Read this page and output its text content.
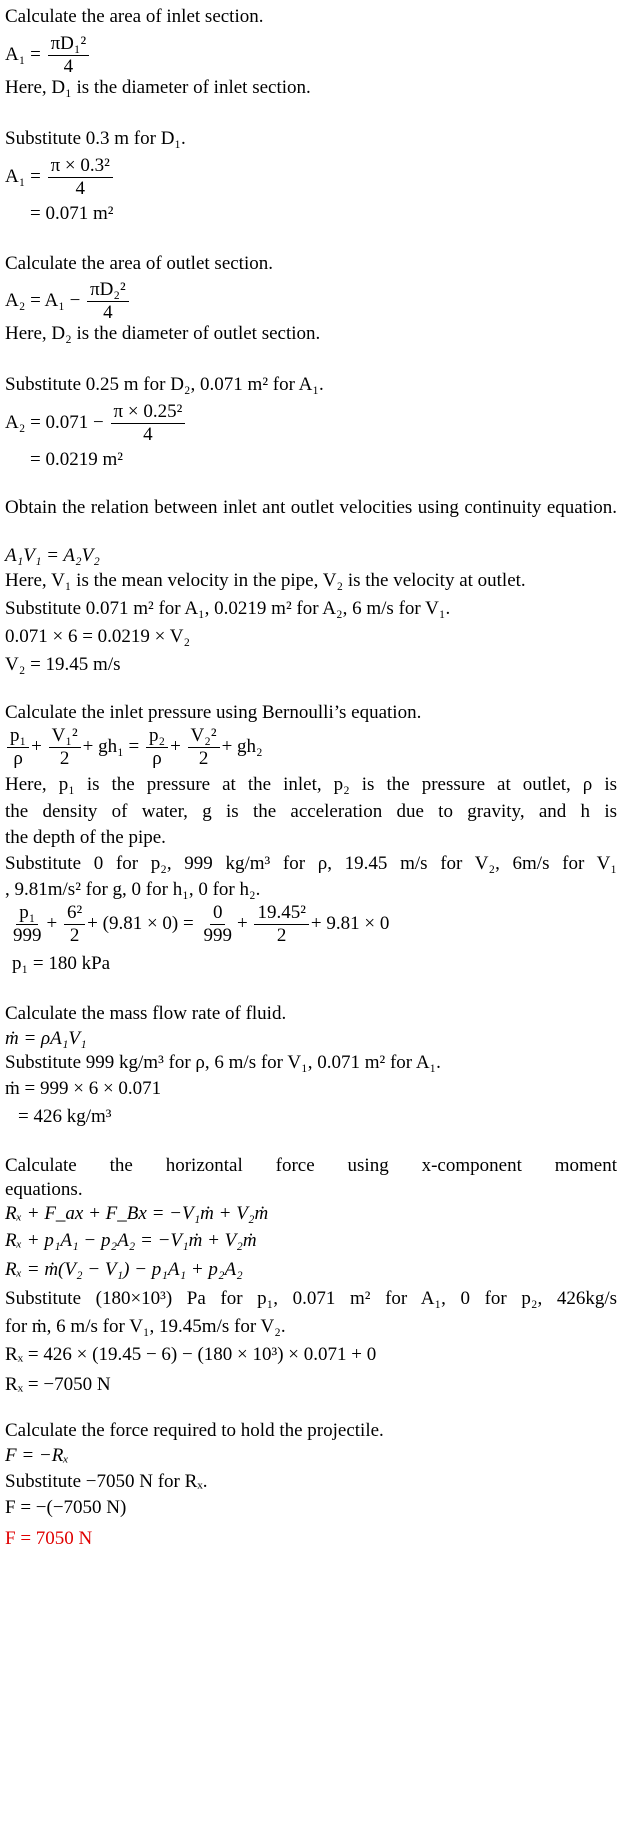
Calculate the area of inlet section.
$A_1 = \frac{\text{πD₁²}}{4}$
Here, D₁ is the diameter of inlet section.
Substitute 0.3 m for D₁.
$A_1 = \frac{\text{π × 0.3²}}{4}$
= 0.071 m²
Calculate the area of outlet section.
$A_2 = A_1 - \frac{\text{πD₂²}}{4}$
Here, D₂ is the diameter of outlet section.
Substitute 0.25 m for D₂, 0.071 m² for A₁.
$A_2 = 0.071 - \frac{\text{π × 0.25²}}{4}$
= 0.0219 m²
Obtain the relation between inlet ant outlet velocities using continuity equation.
A₁V₁ = A₂V₂
Here, V₁ is the mean velocity in the pipe, V₂ is the velocity at outlet.
Substitute 0.071 m² for A₁, 0.0219 m² for A₂, 6 m/s for V₁.
0.071 × 6 = 0.0219 × V₂
V₂ = 19.45 m/s
Calculate the inlet pressure using Bernoulli’s equation.
$\frac{\text{p₁}}{\rho} + \frac{\text{V₁²}}{2} + gh_1 = \frac{\text{p₂}}{\rho} + \frac{\text{V₂²}}{2} + gh_2$
Here, p₁ is the pressure at the inlet, p₂ is the pressure at outlet, ρ is
the density of water, g is the acceleration due to gravity, and h is
the depth of the pipe.
Substitute 0 for p₂, 999 kg/m³ for ρ, 19.45 m/s for V₂, 6m/s for V₁
, 9.81m/s² for g, 0 for h₁, 0 for h₂.
$\frac{\text{p₁}}{999} + \frac{\text{6²}}{2} + (9.81 \times 0) = \frac{0}{999} + \frac{\text{19.45²}}{2} + 9.81 \times 0$
p₁ = 180 kPa
Calculate the mass flow rate of fluid.
ṁ = ρA₁V₁
Substitute 999 kg/m³ for ρ, 6 m/s for V₁, 0.071 m² for A₁.
ṁ = 999 × 6 × 0.071
= 426 kg/m³
Calculate the horizontal force using x-component moment
equations.
Rₓ + F_ax + F_Bx = −V₁ṁ + V₂ṁ
Rₓ + p₁A₁ − p₂A₂ = −V₁ṁ + V₂ṁ
Rₓ = ṁ(V₂ − V₁) − p₁A₁ + p₂A₂
Substitute (180×10³) Pa for p₁, 0.071 m² for A₁, 0 for p₂, 426kg/s
for ṁ, 6 m/s for V₁, 19.45m/s for V₂.
Rₓ = 426 × (19.45 − 6) − (180 × 10³) × 0.071 + 0
Rₓ = −7050 N
Calculate the force required to hold the projectile.
F = −Rₓ
Substitute −7050 N for Rₓ.
F = −(−7050 N)
F = 7050 N
